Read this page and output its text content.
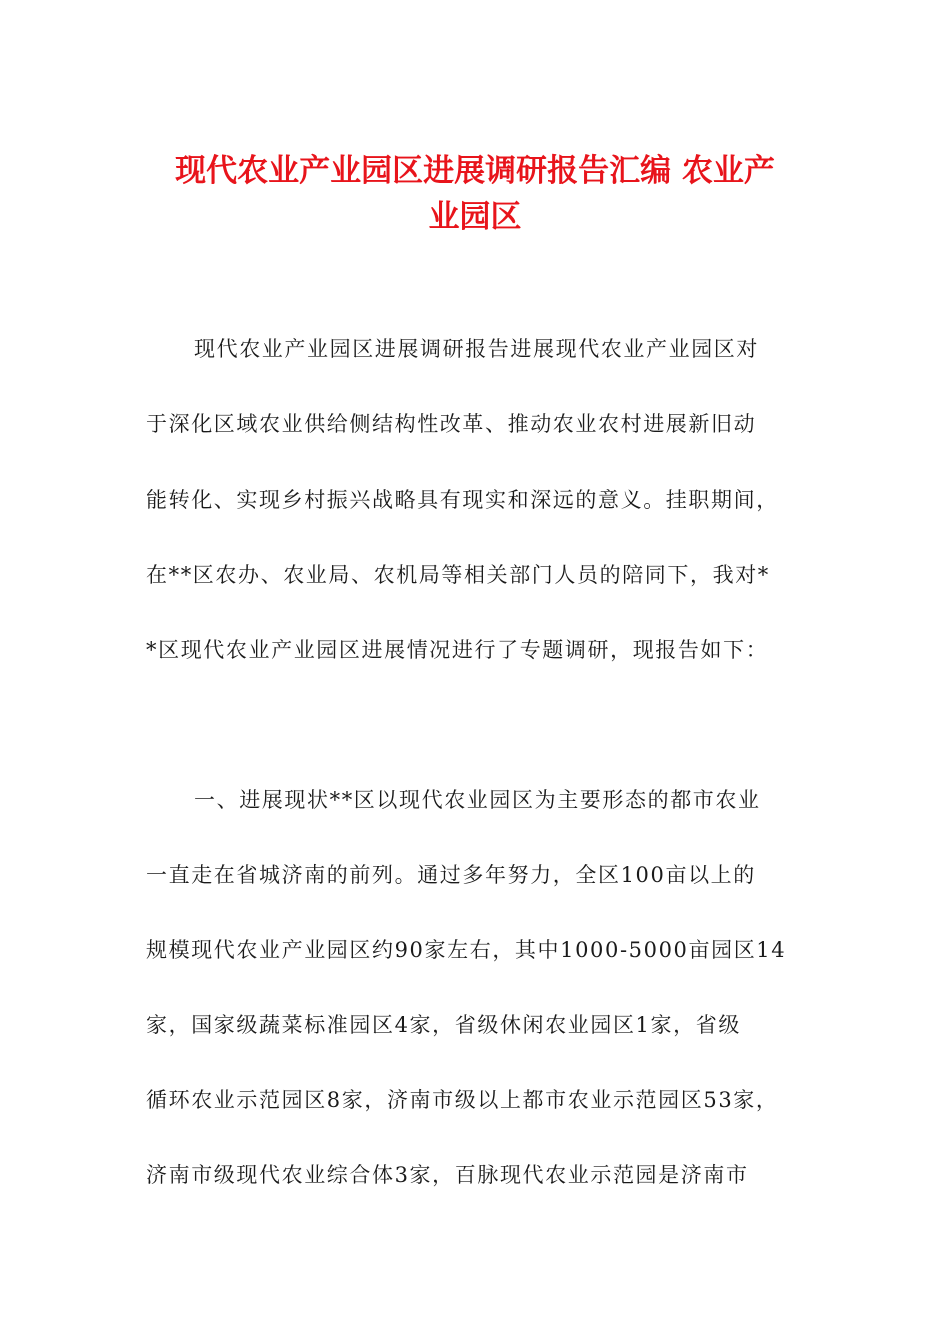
现代农业产业园区进展调研报告汇编 农业产
业园区

现代农业产业园区进展调研报告进展现代农业产业园区对

于深化区域农业供给侧结构性改革、推动农业农村进展新旧动

能转化、实现乡村振兴战略具有现实和深远的意义。挂职期间，

在**区农办、农业局、农机局等相关部门人员的陪同下，我对*

*区现代农业产业园区进展情况进行了专题调研，现报告如下：

一、进展现状**区以现代农业园区为主要形态的都市农业

一直走在省城济南的前列。通过多年努力，全区100亩以上的

规模现代农业产业园区约90家左右，其中1000-5000亩园区14

家，国家级蔬菜标准园区4家，省级休闲农业园区1家，省级

循环农业示范园区8家，济南市级以上都市农业示范园区53家，

济南市级现代农业综合体3家，百脉现代农业示范园是济南市
